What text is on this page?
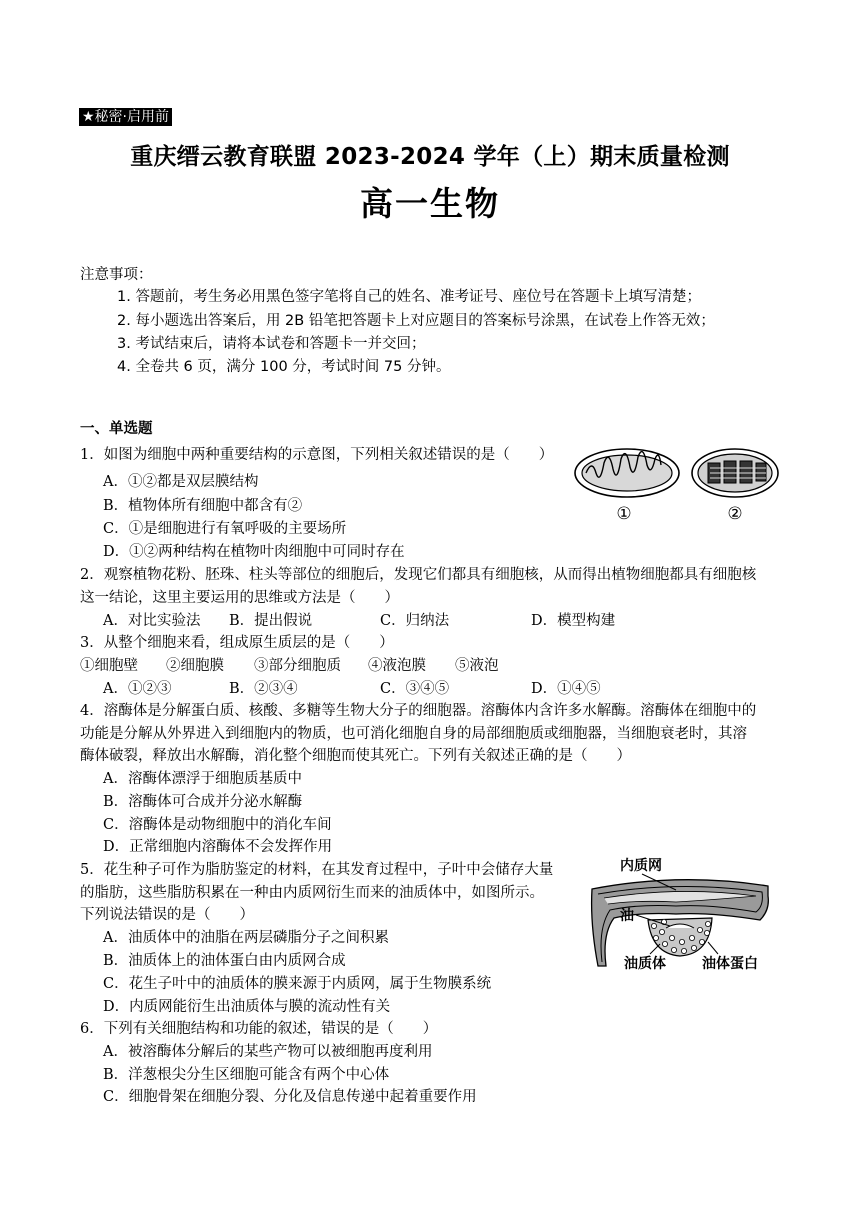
★秘密·启用前
重庆缙云教育联盟 2023-2024 学年（上）期末质量检测
高一生物
注意事项：
1. 答题前，考生务必用黑色签字笔将自己的姓名、准考证号、座位号在答题卡上填写清楚；
2. 每小题选出答案后，用 2B 铅笔把答题卡上对应题目的答案标号涂黑，在试卷上作答无效；
3. 考试结束后，请将本试卷和答题卡一并交回；
4. 全卷共 6 页，满分 100 分，考试时间 75 分钟。
一、单选题
1．如图为细胞中两种重要结构的示意图，下列相关叙述错误的是（　　）
A．①②都是双层膜结构
B．植物体所有细胞中都含有②
C．①是细胞进行有氧呼吸的主要场所
D．①②两种结构在植物叶肉细胞中可同时存在
①	②
2．观察植物花粉、胚珠、柱头等部位的细胞后，发现它们都具有细胞核，从而得出植物细胞都具有细胞核
这一结论，这里主要运用的思维或方法是（　　）
A．对比实验法 B．提出假说	C．归纳法	D．模型构建
3．从整个细胞来看，组成原生质层的是（　　）
①细胞壁 ②细胞膜 ③部分细胞质 ④液泡膜 ⑤液泡
A．①②③	B．②③④	C．③④⑤	D．①④⑤
4．溶酶体是分解蛋白质、核酸、多糖等生物大分子的细胞器。溶酶体内含许多水解酶。溶酶体在细胞中的
功能是分解从外界进入到细胞内的物质，也可消化细胞自身的局部细胞质或细胞器，当细胞衰老时，其溶
酶体破裂，释放出水解酶，消化整个细胞而使其死亡。下列有关叙述正确的是（　　）
A．溶酶体漂浮于细胞质基质中
B．溶酶体可合成并分泌水解酶
C．溶酶体是动物细胞中的消化车间
D．正常细胞内溶酶体不会发挥作用
5．花生种子可作为脂肪鉴定的材料，在其发育过程中，子叶中会储存大量
的脂肪，这些脂肪积累在一种由内质网衍生而来的油质体中，如图所示。
下列说法错误的是（　　）
A．油质体中的油脂在两层磷脂分子之间积累
B．油质体上的油体蛋白由内质网合成
C．花生子叶中的油质体的膜来源于内质网，属于生物膜系统
D．内质网能衍生出油质体与膜的流动性有关
内质网
油
油质体	油体蛋白
6．下列有关细胞结构和功能的叙述，错误的是（　　）
A．被溶酶体分解后的某些产物可以被细胞再度利用
B．洋葱根尖分生区细胞可能含有两个中心体
C．细胞骨架在细胞分裂、分化及信息传递中起着重要作用
